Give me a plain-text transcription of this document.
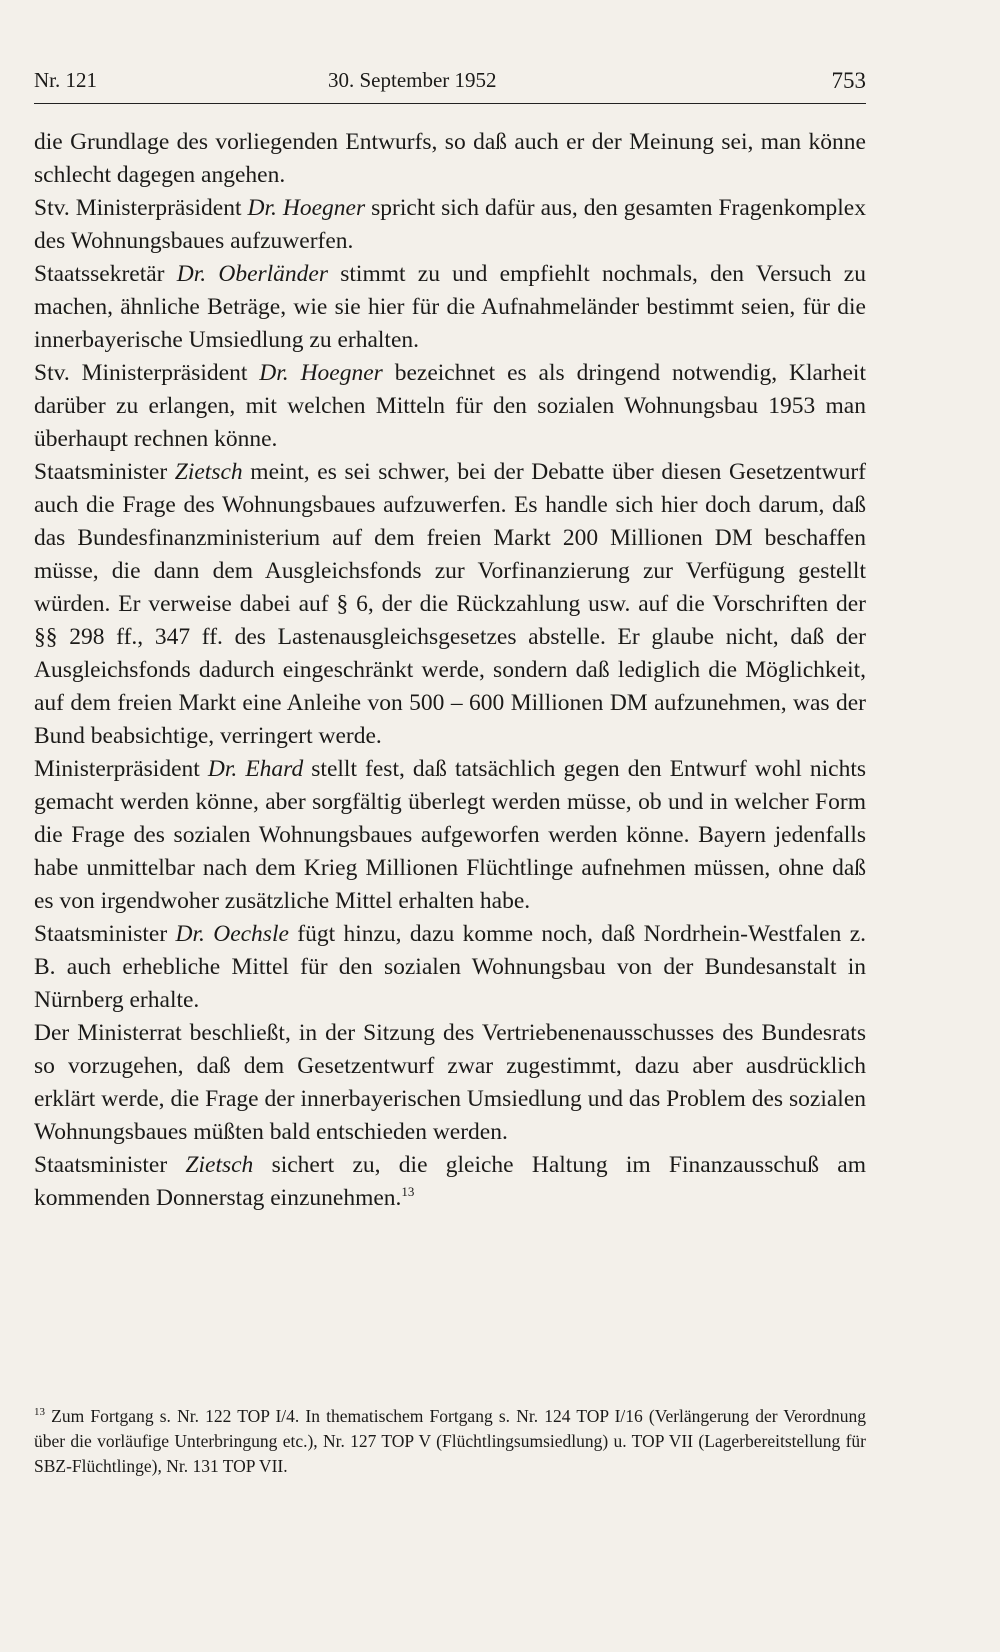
Nr. 121	30. September 1952	753

die Grundlage des vorliegenden Entwurfs, so daß auch er der Meinung sei, man könne schlecht dagegen angehen.

Stv. Ministerpräsident Dr. Hoegner spricht sich dafür aus, den gesamten Fragenkomplex des Wohnungsbaues aufzuwerfen.

Staatssekretär Dr. Oberländer stimmt zu und empfiehlt nochmals, den Versuch zu machen, ähnliche Beträge, wie sie hier für die Aufnahmeländer bestimmt seien, für die innerbayerische Umsiedlung zu erhalten.

Stv. Ministerpräsident Dr. Hoegner bezeichnet es als dringend notwendig, Klarheit darüber zu erlangen, mit welchen Mitteln für den sozialen Wohnungsbau 1953 man überhaupt rechnen könne.

Staatsminister Zietsch meint, es sei schwer, bei der Debatte über diesen Gesetzentwurf auch die Frage des Wohnungsbaues aufzuwerfen. Es handle sich hier doch darum, daß das Bundesfinanzministerium auf dem freien Markt 200 Millionen DM beschaffen müsse, die dann dem Ausgleichsfonds zur Vorfinanzierung zur Verfügung gestellt würden. Er verweise dabei auf § 6, der die Rückzahlung usw. auf die Vorschriften der §§ 298 ff., 347 ff. des Lastenausgleichsgesetzes abstelle. Er glaube nicht, daß der Ausgleichsfonds dadurch eingeschränkt werde, sondern daß lediglich die Möglichkeit, auf dem freien Markt eine Anleihe von 500 – 600 Millionen DM aufzunehmen, was der Bund beabsichtige, verringert werde.

Ministerpräsident Dr. Ehard stellt fest, daß tatsächlich gegen den Entwurf wohl nichts gemacht werden könne, aber sorgfältig überlegt werden müsse, ob und in welcher Form die Frage des sozialen Wohnungsbaues aufgeworfen werden könne. Bayern jedenfalls habe unmittelbar nach dem Krieg Millionen Flüchtlinge aufnehmen müssen, ohne daß es von irgendwoher zusätzliche Mittel erhalten habe.

Staatsminister Dr. Oechsle fügt hinzu, dazu komme noch, daß Nordrhein-Westfalen z. B. auch erhebliche Mittel für den sozialen Wohnungsbau von der Bundesanstalt in Nürnberg erhalte.

Der Ministerrat beschließt, in der Sitzung des Vertriebenenausschusses des Bundesrats so vorzugehen, daß dem Gesetzentwurf zwar zugestimmt, dazu aber ausdrücklich erklärt werde, die Frage der innerbayerischen Umsiedlung und das Problem des sozialen Wohnungsbaues müßten bald entschieden werden.

Staatsminister Zietsch sichert zu, die gleiche Haltung im Finanzausschuß am kommenden Donnerstag einzunehmen.$^{13}$

$^{13}$ Zum Fortgang s. Nr. 122 TOP I/4. In thematischem Fortgang s. Nr. 124 TOP I/16 (Verlängerung der Verordnung über die vorläufige Unterbringung etc.), Nr. 127 TOP V (Flüchtlingsumsiedlung) u. TOP VII (Lagerbereitstellung für SBZ-Flüchtlinge), Nr. 131 TOP VII.
